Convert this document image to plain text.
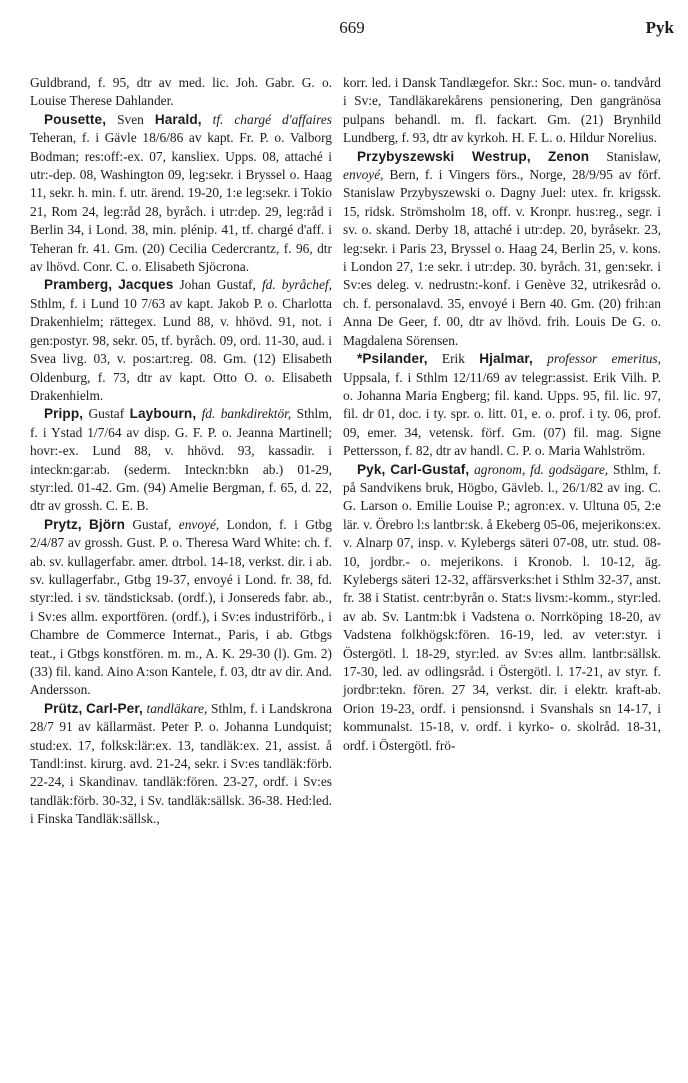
669	Pyk

Guldbrand, f. 95, dtr av med. lic. Joh. Gabr. G. o. Louise Therese Dahlander.

Pousette, Sven Harald, tf. chargé d'affaires Teheran, f. i Gävle 18/6/86 av kapt. Fr. P. o. Valborg Bodman; res:off:-ex. 07, kansliex. Upps. 08, attaché i utr:-dep. 08, Washington 09, leg:sekr. i Bryssel o. Haag 11, sekr. h. min. f. utr. ärend. 19-20, 1:e leg:sekr. i Tokio 21, Rom 24, leg:råd 28, byråch. i utr:dep. 29, leg:råd i Berlin 34, i Lond. 38, min. plénip. 41, tf. chargé d'aff. i Teheran fr. 41. Gm. (20) Cecilia Cedercrantz, f. 96, dtr av lhövd. Conr. C. o. Elisabeth Sjöcrona.

Pramberg, Jacques Johan Gustaf, fd. byråchef, Sthlm, f. i Lund 10 7/63 av kapt. Jakob P. o. Charlotta Drakenhielm; rättegex. Lund 88, v. hhövd. 91, not. i gen:postyr. 98, sekr. 05, tf. byråch. 09, ord. 11-30, aud. i Svea livg. 03, v. pos:art:reg. 08. Gm. (12) Elisabeth Oldenburg, f. 73, dtr av kapt. Otto O. o. Elisabeth Drakenhielm.

Pripp, Gustaf Laybourn, fd. bankdirektör, Sthlm, f. i Ystad 1/7/64 av disp. G. F. P. o. Jeanna Martinell; hovr:-ex. Lund 88, v. hhövd. 93, kassadir. i inteckn:gar:ab. (sederm. Inteckn:bkn ab.) 01-29, styr:led. 01-42. Gm. (94) Amelie Bergman, f. 65, d. 22, dtr av grossh. C. E. B.

Prytz, Björn Gustaf, envoyé, London, f. i Gtbg 2/4/87 av grossh. Gust. P. o. Theresa Ward White: ch. f. ab. sv. kullagerfabr. amer. dtrbol. 14-18, verkst. dir. i ab. sv. kullagerfabr., Gtbg 19-37, envoyé i Lond. fr. 38, fd. styr:led. i sv. tändsticksab. (ordf.), i Jonsereds fabr. ab., i Sv:es allm. exportfören. (ordf.), i Sv:es industriförb., i Chambre de Commerce Internat., Paris, i ab. Gtbgs teat., i Gtbgs konstfören. m. m., A. K. 29-30 (l). Gm. 2) (33) fil. kand. Aino A:son Kantele, f. 03, dtr av dir. And. Andersson.

Prütz, Carl-Per, tandläkare, Sthlm, f. i Landskrona 28/7 91 av källarmäst. Peter P. o. Johanna Lundquist; stud:ex. 17, folksk:lär:ex. 13, tandläk:ex. 21, assist. å Tandl:inst. kirurg. avd. 21-24, sekr. i Sv:es tandläk:förb. 22-24, i Skandinav. tandläk:fören. 23-27, ordf. i Sv:es tandläk:förb. 30-32, i Sv. tandläk:sällsk. 36-38. Hed:led. i Finska Tandläk:sällsk.,

korr. led. i Dansk Tandlægefor. Skr.: Soc. mun- o. tandvård i Sv:e, Tandläkarekårens pensionering, Den gangränösa pulpans behandl. m. fl. fackart. Gm. (21) Brynhild Lundberg, f. 93, dtr av kyrkoh. H. F. L. o. Hildur Norelius.

Przybyszewski Westrup, Zenon Stanislaw, envoyé, Bern, f. i Vingers förs., Norge, 28/9/95 av förf. Stanislaw Przybyszewski o. Dagny Juel: utex. fr. krigssk. 15, ridsk. Strömsholm 18, off. v. Kronpr. hus:reg., segr. i sv. o. skand. Derby 18, attaché i utr:dep. 20, byråsekr. 23, leg:sekr. i Paris 23, Bryssel o. Haag 24, Berlin 25, v. kons. i London 27, 1:e sekr. i utr:dep. 30. byråch. 31, gen:sekr. i Sv:es deleg. v. nedrustn:-konf. i Genève 32, utrikesråd o. ch. f. personalavd. 35, envoyé i Bern 40. Gm. (20) frih:an Anna De Geer, f. 00, dtr av lhövd. frih. Louis De G. o. Magdalena Sörensen.

*Psilander, Erik Hjalmar, professor emeritus, Uppsala, f. i Sthlm 12/11/69 av telegr:assist. Erik Vilh. P. o. Johanna Maria Engberg; fil. kand. Upps. 95, fil. lic. 97, fil. dr 01, doc. i ty. spr. o. litt. 01, e. o. prof. i ty. 06, prof. 09, emer. 34, vetensk. förf. Gm. (07) fil. mag. Signe Pettersson, f. 82, dtr av handl. C. P. o. Maria Wahlström.

Pyk, Carl-Gustaf, agronom, fd. godsägare, Sthlm, f. på Sandvikens bruk, Högbo, Gävleb. l., 26/1/82 av ing. C. G. Larson o. Emilie Louise P.; agron:ex. v. Ultuna 05, 2:e lär. v. Örebro l:s lantbr:sk. å Ekeberg 05-06, mejerikons:ex. v. Alnarp 07, insp. v. Kylebergs säteri 07-08, utr. stud. 08-10, jordbr.- o. mejerikons. i Kronob. l. 10-12, äg. Kylebergs säteri 12-32, affärsverks:het i Sthlm 32-37, anst. fr. 38 i Statist. centr:byrån o. Stat:s livsm:-komm., styr:led. av ab. Sv. Lantm:bk i Vadstena o. Norrköping 18-20, av Vadstena folkhögsk:fören. 16-19, led. av veter:styr. i Östergötl. l. 18-29, styr:led. av Sv:es allm. lantbr:sällsk. 17-30, led. av odlingsråd. i Östergötl. l. 17-21, av styr. f. jordbr:tekn. fören. 27 34, verkst. dir. i elektr. kraft-ab. Orion 19-23, ordf. i pensionsnd. i Svanshals sn 14-17, i kommunalst. 15-18, v. ordf. i kyrko- o. skolråd. 18-31, ordf. i Östergötl. frö-
